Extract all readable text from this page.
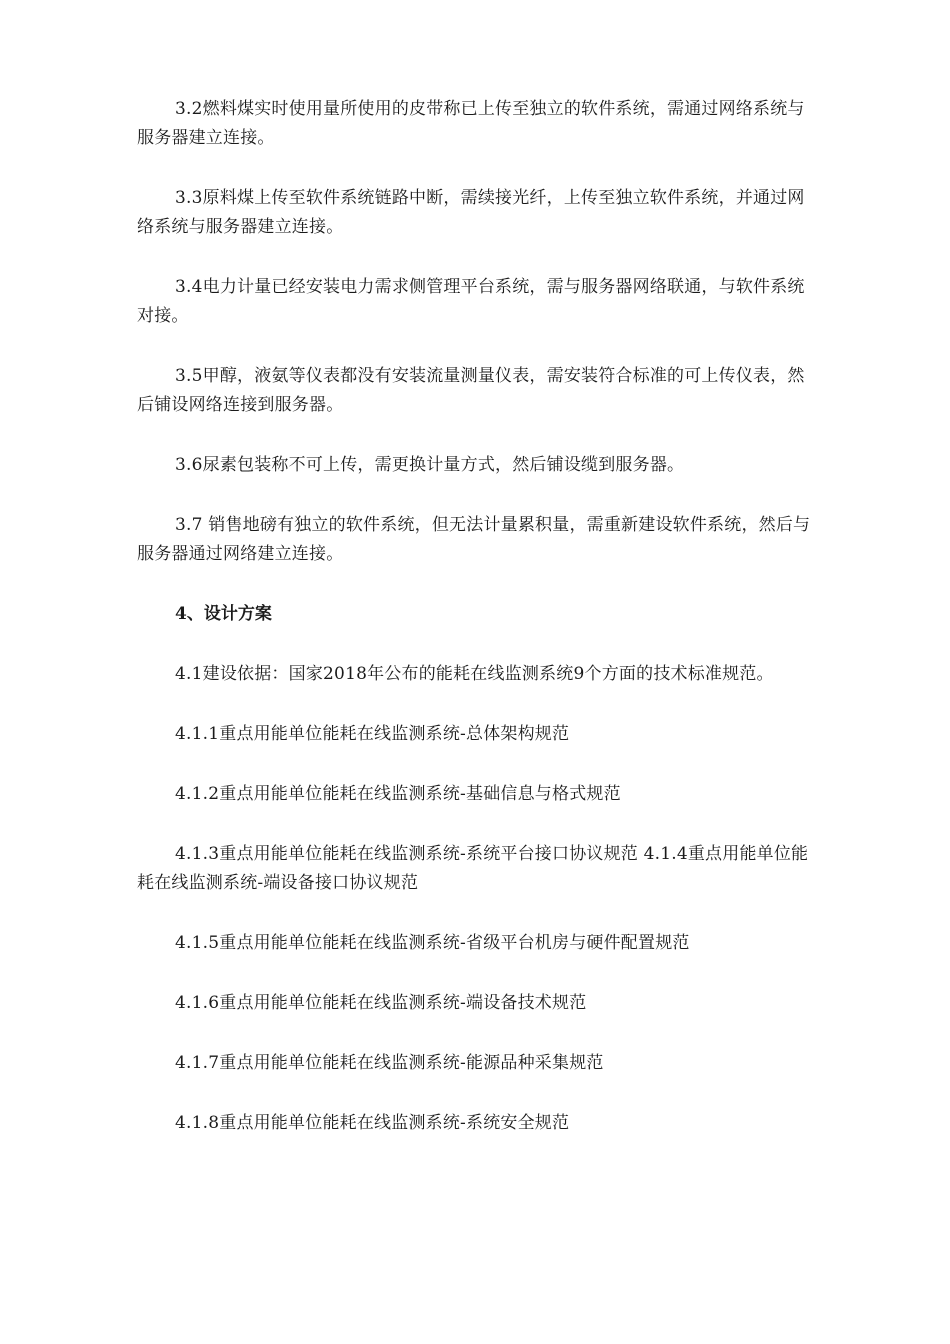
3.2燃料煤实时使用量所使用的皮带称已上传至独立的软件系统，需通过网络系统与服务器建立连接。

3.3原料煤上传至软件系统链路中断，需续接光纤，上传至独立软件系统，并通过网络系统与服务器建立连接。

3.4电力计量已经安装电力需求侧管理平台系统，需与服务器网络联通，与软件系统对接。

3.5甲醇，液氨等仪表都没有安装流量测量仪表，需安装符合标准的可上传仪表，然后铺设网络连接到服务器。

3.6尿素包装称不可上传，需更换计量方式，然后铺设缆到服务器。

3.7 销售地磅有独立的软件系统，但无法计量累积量，需重新建设软件系统，然后与服务器通过网络建立连接。

4、设计方案

4.1建设依据：国家2018年公布的能耗在线监测系统9个方面的技术标准规范。

4.1.1重点用能单位能耗在线监测系统-总体架构规范

4.1.2重点用能单位能耗在线监测系统-基础信息与格式规范

4.1.3重点用能单位能耗在线监测系统-系统平台接口协议规范 4.1.4重点用能单位能耗在线监测系统-端设备接口协议规范

4.1.5重点用能单位能耗在线监测系统-省级平台机房与硬件配置规范

4.1.6重点用能单位能耗在线监测系统-端设备技术规范

4.1.7重点用能单位能耗在线监测系统-能源品种采集规范

4.1.8重点用能单位能耗在线监测系统-系统安全规范
